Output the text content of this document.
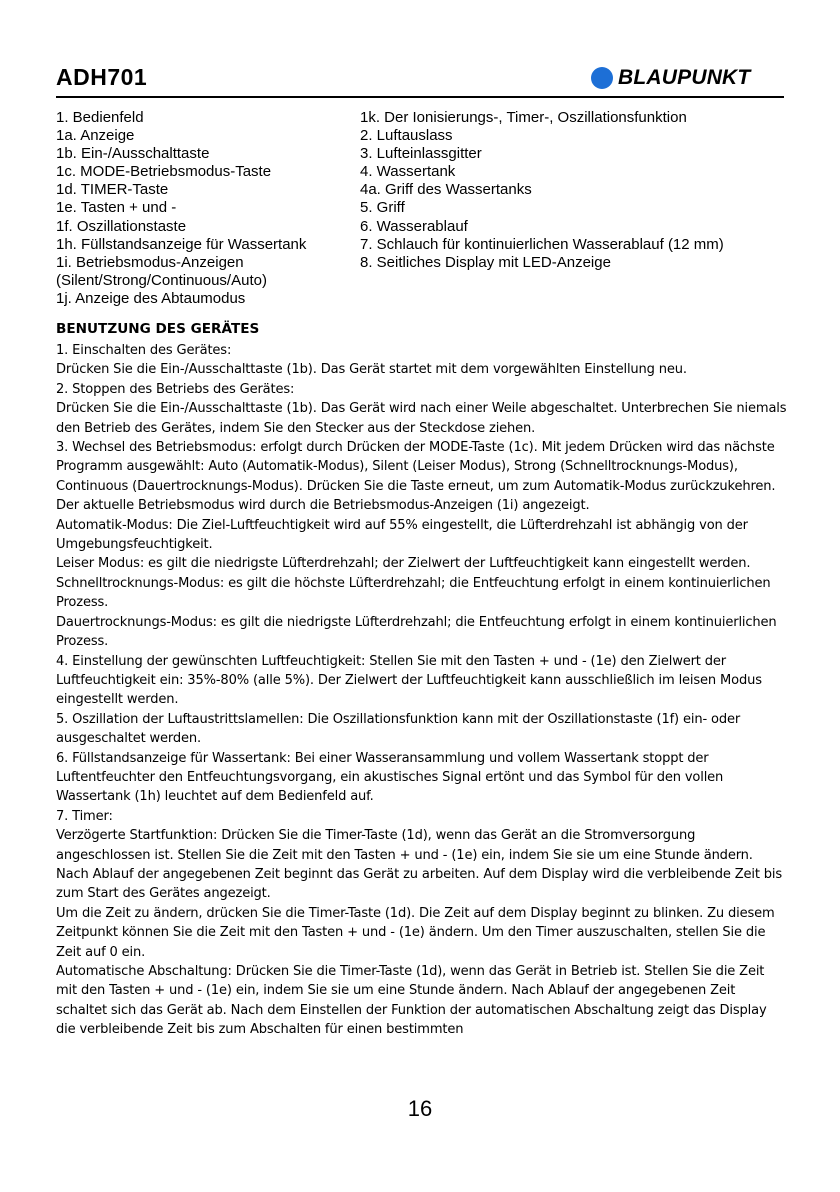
ADH701	BLAUPUNKT
1. Bedienfeld
1a. Anzeige
1b. Ein-/Ausschalttaste
1c. MODE-Betriebsmodus-Taste
1d. TIMER-Taste
1e. Tasten + und -
1f. Oszillationstaste
1h. Füllstandsanzeige für Wassertank
1i. Betriebsmodus-Anzeigen
(Silent/Strong/Continuous/Auto)
1j. Anzeige des Abtaumodus
1k. Der Ionisierungs-, Timer-, Oszillationsfunktion
2. Luftauslass
3. Lufteinlassgitter
4. Wassertank
4a. Griff des Wassertanks
5. Griff
6. Wasserablauf
7. Schlauch für kontinuierlichen Wasserablauf (12 mm)
8. Seitliches Display mit LED-Anzeige
BENUTZUNG DES GERÄTES

1. Einschalten des Gerätes:

Drücken Sie die Ein-/Ausschalttaste (1b). Das Gerät startet mit dem vorgewählten Einstellung neu.

2. Stoppen des Betriebs des Gerätes:

Drücken Sie die Ein-/Ausschalttaste (1b). Das Gerät wird nach einer Weile abgeschaltet. Unterbrechen Sie niemals den Betrieb des Gerätes, indem Sie den Stecker aus der Steckdose ziehen.

3. Wechsel des Betriebsmodus: erfolgt durch Drücken der MODE-Taste (1c). Mit jedem Drücken wird das nächste Programm ausgewählt: Auto (Automatik-Modus), Silent (Leiser Modus), Strong (Schnelltrocknungs-Modus), Continuous (Dauertrocknungs-Modus). Drücken Sie die Taste erneut, um zum Automatik-Modus zurückzukehren. Der aktuelle Betriebsmodus wird durch die Betriebsmodus-Anzeigen (1i) angezeigt.

Automatik-Modus: Die Ziel-Luftfeuchtigkeit wird auf 55% eingestellt, die Lüfterdrehzahl ist abhängig von der Umgebungsfeuchtigkeit.

Leiser Modus: es gilt die niedrigste Lüfterdrehzahl; der Zielwert der Luftfeuchtigkeit kann eingestellt werden.

Schnelltrocknungs-Modus: es gilt die höchste Lüfterdrehzahl; die Entfeuchtung erfolgt in einem kontinuierlichen Prozess.

Dauertrocknungs-Modus: es gilt die niedrigste Lüfterdrehzahl; die Entfeuchtung erfolgt in einem kontinuierlichen Prozess.

4. Einstellung der gewünschten Luftfeuchtigkeit: Stellen Sie mit den Tasten + und - (1e) den Zielwert der Luftfeuchtigkeit ein: 35%-80% (alle 5%). Der Zielwert der Luftfeuchtigkeit kann ausschließlich im leisen Modus eingestellt werden.

5. Oszillation der Luftaustrittslamellen: Die Oszillationsfunktion kann mit der Oszillationstaste (1f) ein- oder ausgeschaltet werden.

6. Füllstandsanzeige für Wassertank: Bei einer Wasseransammlung und vollem Wassertank stoppt der Luftentfeuchter den Entfeuchtungsvorgang, ein akustisches Signal ertönt und das Symbol für den vollen Wassertank (1h) leuchtet auf dem Bedienfeld auf.

7. Timer:

Verzögerte Startfunktion: Drücken Sie die Timer-Taste (1d), wenn das Gerät an die Stromversorgung angeschlossen ist. Stellen Sie die Zeit mit den Tasten + und - (1e) ein, indem Sie sie um eine Stunde ändern. Nach Ablauf der angegebenen Zeit beginnt das Gerät zu arbeiten. Auf dem Display wird die verbleibende Zeit bis zum Start des Gerätes angezeigt.

Um die Zeit zu ändern, drücken Sie die Timer-Taste (1d). Die Zeit auf dem Display beginnt zu blinken. Zu diesem Zeitpunkt können Sie die Zeit mit den Tasten + und - (1e) ändern. Um den Timer auszuschalten, stellen Sie die Zeit auf 0 ein.

Automatische Abschaltung: Drücken Sie die Timer-Taste (1d), wenn das Gerät in Betrieb ist. Stellen Sie die Zeit mit den Tasten + und - (1e) ein, indem Sie sie um eine Stunde ändern. Nach Ablauf der angegebenen Zeit schaltet sich das Gerät ab. Nach dem Einstellen der Funktion der automatischen Abschaltung zeigt das Display die verbleibende Zeit bis zum Abschalten für einen bestimmten

16
